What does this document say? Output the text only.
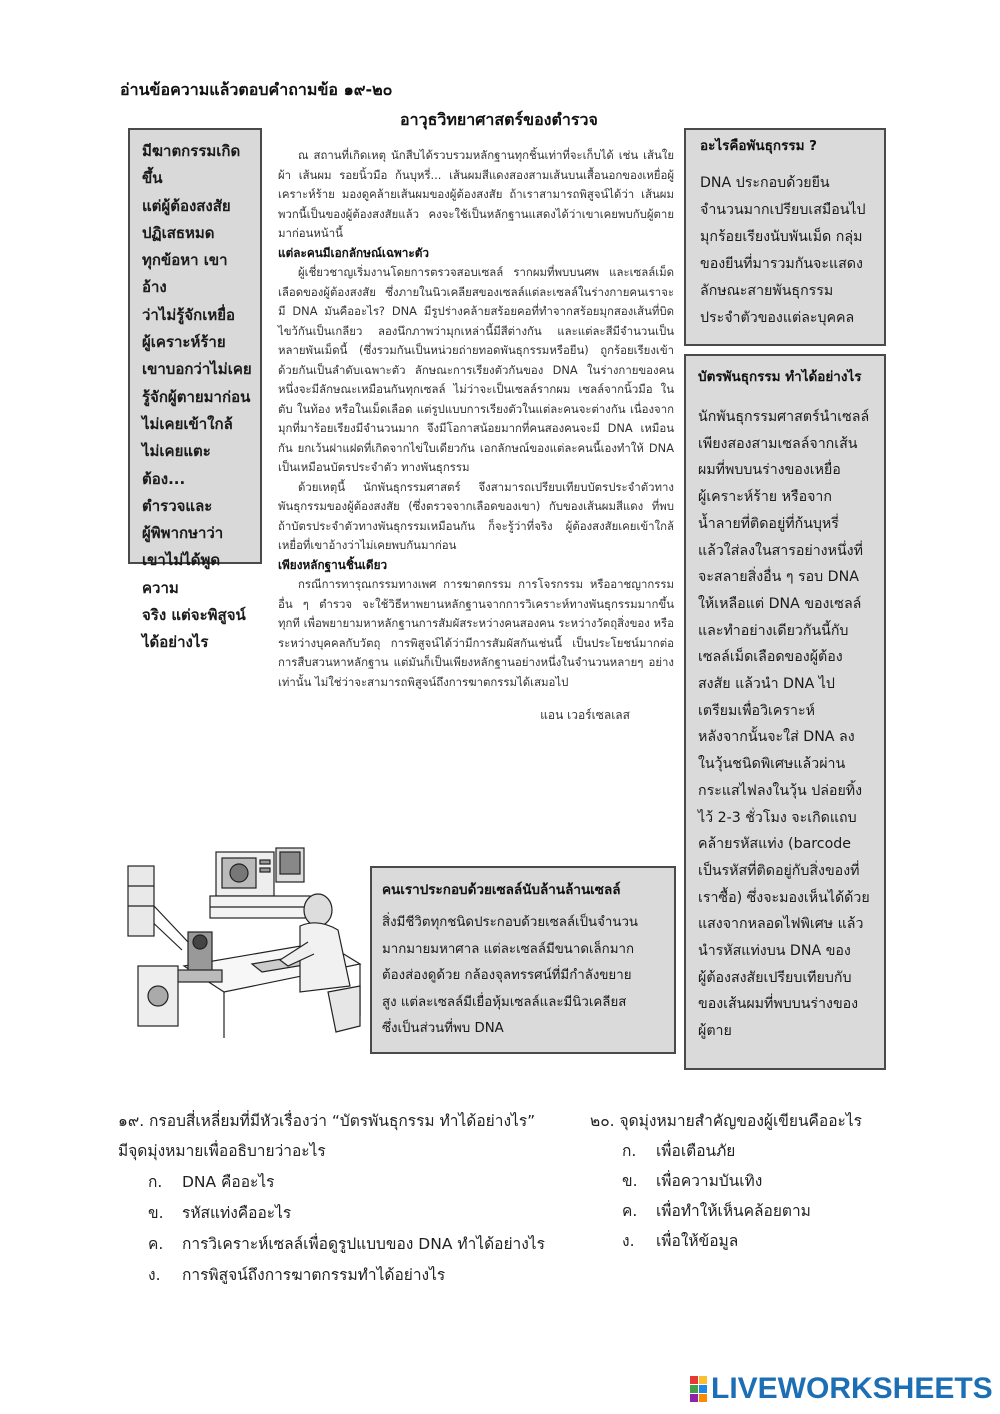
อ่านข้อความแล้วตอบคำถามข้อ ๑๙-๒๐
อาวุธวิทยาศาสตร์ของตำรวจ

มีฆาตกรรมเกิดขึ้น

แต่ผู้ต้องสงสัย

ปฏิเสธหมด

ทุกข้อหา เขาอ้าง

ว่าไม่รู้จักเหยื่อ

ผู้เคราะห์ร้าย

เขาบอกว่าไม่เคย

รู้จักผู้ตายมาก่อน

ไม่เคยเข้าใกล้

ไม่เคยแตะต้อง...

ตำรวจและ

ผู้พิพากษาว่า

เขาไม่ได้พูดความ

จริง แต่จะพิสูจน์

ได้อย่างไร

ณ สถานที่เกิดเหตุ นักสืบได้รวบรวมหลักฐานทุกชิ้นเท่าที่จะเก็บได้ เช่น เส้นใย ผ้า เส้นผม รอยนิ้วมือ ก้นบุหรี่... เส้นผมสีแดงสองสามเส้นบนเสื้อนอกของเหยื่อผู้เคราะห์ร้าย มองดูคล้ายเส้นผมของผู้ต้องสงสัย ถ้าเราสามารถพิสูจน์ได้ว่า เส้นผมพวกนี้เป็นของผู้ต้องสงสัยแล้ว คงจะใช้เป็นหลักฐานแสดงได้ว่าเขาเคยพบกับผู้ตายมาก่อนหน้านี้

แต่ละคนมีเอกลักษณ์เฉพาะตัว

ผู้เชี่ยวชาญเริ่มงานโดยการตรวจสอบเซลล์ รากผมที่พบบนศพ และเซลล์เม็ดเลือดของผู้ต้องสงสัย ซึ่งภายในนิวเคลียสของเซลล์แต่ละเซลล์ในร่างกายคนเราจะมี DNA มันคืออะไร? DNA มีรูปร่างคล้ายสร้อยคอที่ทำจากสร้อยมุกสองเส้นที่บิดไขว้กันเป็นเกลียว ลองนึกภาพว่ามุกเหล่านี้มีสีต่างกัน และแต่ละสีมีจำนวนเป็นหลายพันเม็ดนี้ (ซึ่งรวมกันเป็นหน่วยถ่ายทอดพันธุกรรมหรือยีน) ถูกร้อยเรียงเข้าด้วยกันเป็นลำดับเฉพาะตัว ลักษณะการเรียงตัวกันของ DNA ในร่างกายของคนหนึ่งจะมีลักษณะเหมือนกันทุกเซลล์ ไม่ว่าจะเป็นเซลล์รากผม เซลล์จากนิ้วมือ ในตับ ในท้อง หรือในเม็ดเลือด แต่รูปแบบการเรียงตัวในแต่ละคนจะต่างกัน เนื่องจากมุกที่มาร้อยเรียงมีจำนวนมาก จึงมีโอกาสน้อยมากที่คนสองคนจะมี DNA เหมือนกัน ยกเว้นฝาแฝดที่เกิดจากไข่ใบเดียวกัน เอกลักษณ์ของแต่ละคนนี้เองทำให้ DNA เป็นเหมือนบัตรประจำตัว ทางพันธุกรรม

ด้วยเหตุนี้ นักพันธุกรรมศาสตร์ จึงสามารถเปรียบเทียบบัตรประจำตัวทางพันธุกรรมของผู้ต้องสงสัย (ซึ่งตรวจจากเลือดของเขา) กับของเส้นผมสีแดง ที่พบ ถ้าบัตรประจำตัวทางพันธุกรรมเหมือนกัน ก็จะรู้ว่าที่จริง ผู้ต้องสงสัยเคยเข้าใกล้เหยื่อที่เขาอ้างว่าไม่เคยพบกันมาก่อน

เพียงหลักฐานชิ้นเดียว

กรณีการทารุณกรรมทางเพศ การฆาตกรรม การโจรกรรม หรืออาชญากรรมอื่น ๆ ตำรวจ จะใช้วิธีหาพยานหลักฐานจากการวิเคราะห์ทางพันธุกรรมมากขึ้นทุกที เพื่อพยายามหาหลักฐานการสัมผัสระหว่างคนสองคน ระหว่างวัตถุสิ่งของ หรือระหว่างบุคคลกับวัตถุ การพิสูจน์ได้ว่ามีการสัมผัสกันเช่นนี้ เป็นประโยชน์มากต่อการสืบสวนหาหลักฐาน แต่มันก็เป็นเพียงหลักฐานอย่างหนึ่งในจำนวนหลายๆ อย่างเท่านั้น ไม่ใช่ว่าจะสามารถพิสูจน์ถึงการฆาตกรรมได้เสมอไป

แอน เวอร์เซลเลส
อะไรคือพันธุกรรม ?

DNA ประกอบด้วยยีน

จำนวนมากเปรียบเสมือนไป

มุกร้อยเรียงนับพันเม็ด กลุ่ม

ของยีนที่มารวมกันจะแสดง

ลักษณะสายพันธุกรรม

ประจำตัวของแต่ละบุคคล

บัตรพันธุกรรม ทำได้อย่างไร

นักพันธุกรรมศาสตร์นำเซลล์

เพียงสองสามเซลล์จากเส้น

ผมที่พบบนร่างของเหยื่อ

ผู้เคราะห์ร้าย หรือจาก

น้ำลายที่ติดอยู่ที่ก้นบุหรี่

แล้วใส่ลงในสารอย่างหนึ่งที่

จะสลายสิ่งอื่น ๆ รอบ DNA

ให้เหลือแต่ DNA ของเซลล์

และทำอย่างเดียวกันนี้กับ

เซลล์เม็ดเลือดของผู้ต้อง

สงสัย แล้วนำ DNA ไป

เตรียมเพื่อวิเคราะห์

หลังจากนั้นจะใส่ DNA ลง

ในวุ้นชนิดพิเศษแล้วผ่าน

กระแสไฟลงในวุ้น ปล่อยทิ้ง

ไว้ 2-3 ชั่วโมง จะเกิดแถบ

คล้ายรหัสแท่ง (barcode

เป็นรหัสที่ติดอยู่กับสิ่งของที่

เราซื้อ) ซึ่งจะมองเห็นได้ด้วย

แสงจากหลอดไฟพิเศษ แล้ว

นำรหัสแท่งบน DNA ของ

ผู้ต้องสงสัยเปรียบเทียบกับ

ของเส้นผมที่พบบนร่างของ

ผู้ตาย

คนเราประกอบด้วยเซลล์นับล้านล้านเซลล์

สิ่งมีชีวิตทุกชนิดประกอบด้วยเซลล์เป็นจำนวน

มากมายมหาศาล แต่ละเซลล์มีขนาดเล็กมาก

ต้องส่องดูด้วย กล้องจุลทรรศน์ที่มีกำลังขยาย

สูง แต่ละเซลล์มีเยื่อหุ้มเซลล์และมีนิวเคลียส

ซึ่งเป็นส่วนที่พบ DNA

๑๙. กรอบสี่เหลี่ยมที่มีหัวเรื่องว่า “บัตรพันธุกรรม ทำได้อย่างไร”
มีจุดมุ่งหมายเพื่ออธิบายว่าอะไร
ก.	DNA คืออะไร
ข.	รหัสแท่งคืออะไร
ค.	การวิเคราะห์เซลล์เพื่อดูรูปแบบของ DNA ทำได้อย่างไร
ง.	การพิสูจน์ถึงการฆาตกรรมทำได้อย่างไร
๒๐. จุดมุ่งหมายสำคัญของผู้เขียนคืออะไร
ก.	เพื่อเตือนภัย
ข.	เพื่อความบันเทิง
ค.	เพื่อทำให้เห็นคล้อยตาม
ง.	เพื่อให้ข้อมูล
LIVEWORKSHEETS
